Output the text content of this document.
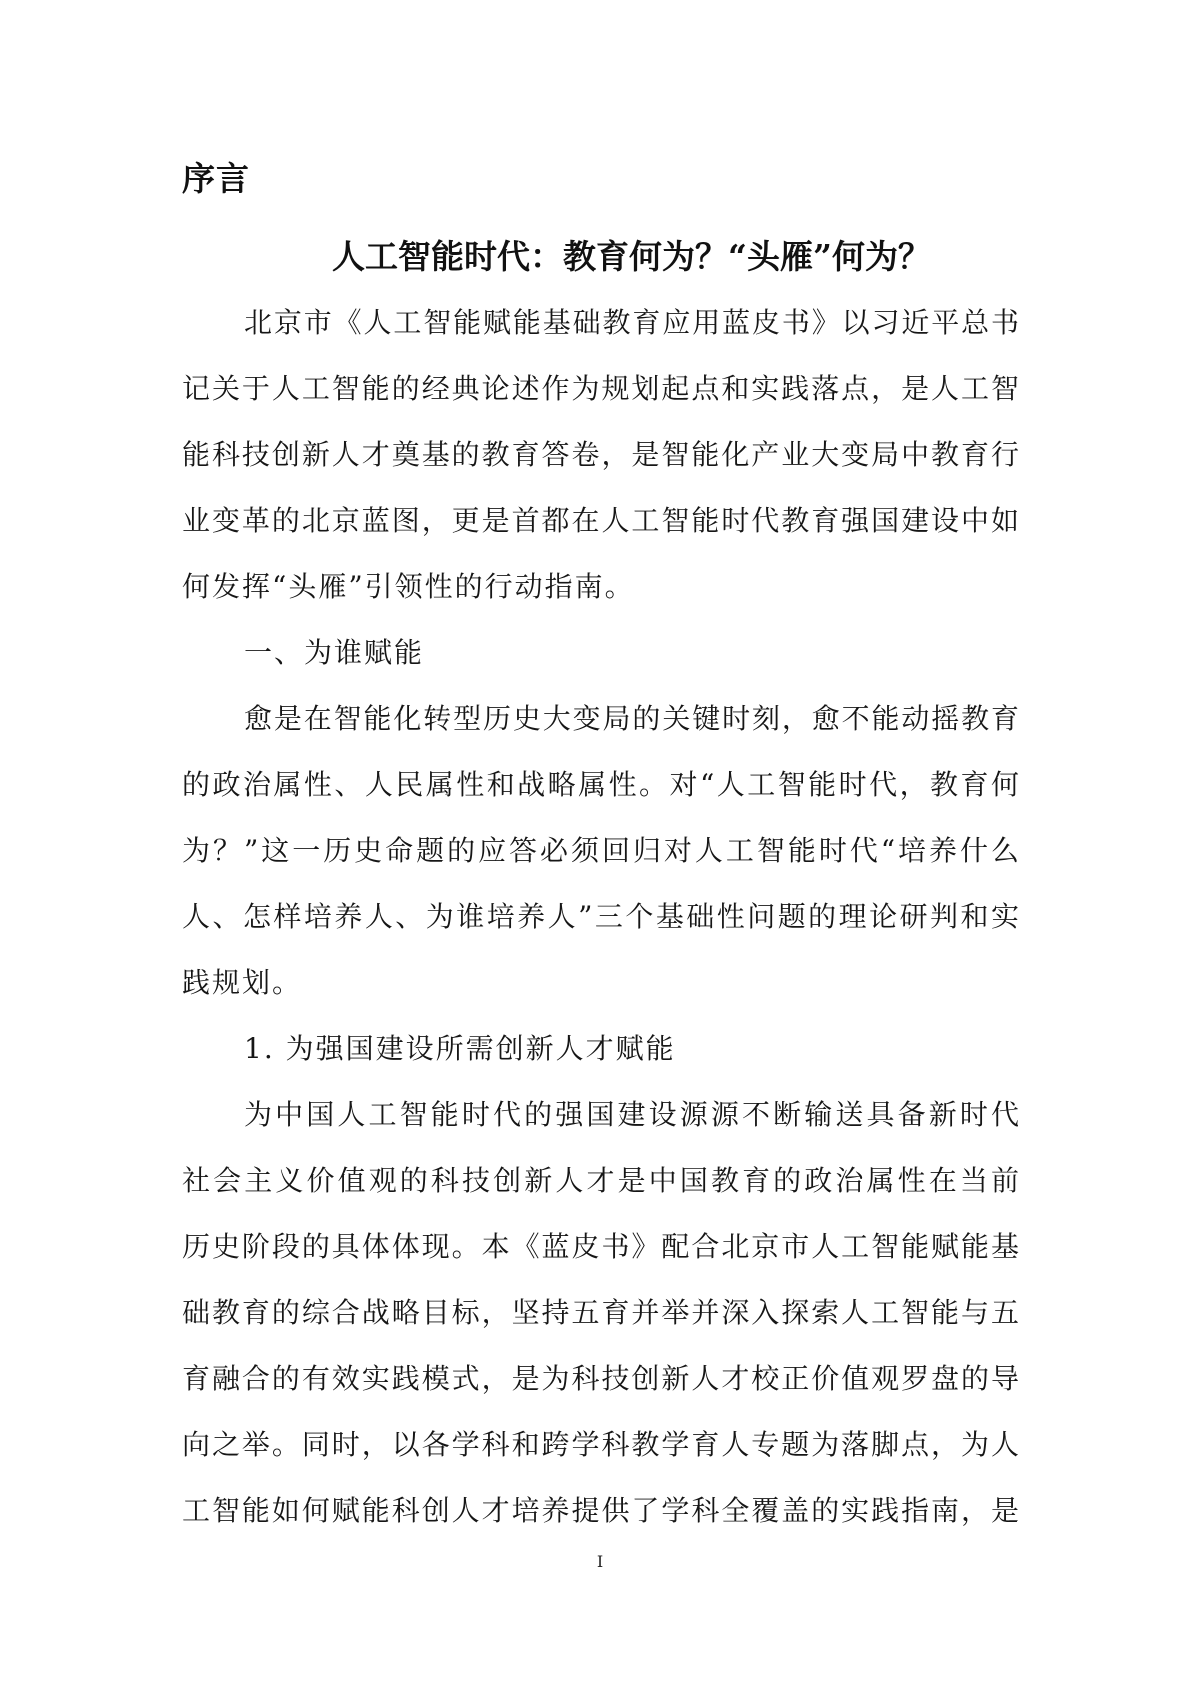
序言
人工智能时代：教育何为？“头雁”何为？
北京市《人工智能赋能基础教育应用蓝皮书》以习近平总书
记关于人工智能的经典论述作为规划起点和实践落点，是人工智
能科技创新人才奠基的教育答卷，是智能化产业大变局中教育行
业变革的北京蓝图，更是首都在人工智能时代教育强国建设中如
何发挥“头雁”引领性的行动指南。
一、为谁赋能
愈是在智能化转型历史大变局的关键时刻，愈不能动摇教育
的政治属性、人民属性和战略属性。对“人工智能时代，教育何
为？”这一历史命题的应答必须回归对人工智能时代“培养什么
人、怎样培养人、为谁培养人”三个基础性问题的理论研判和实
践规划。
1. 为强国建设所需创新人才赋能
为中国人工智能时代的强国建设源源不断输送具备新时代
社会主义价值观的科技创新人才是中国教育的政治属性在当前
历史阶段的具体体现。本《蓝皮书》配合北京市人工智能赋能基
础教育的综合战略目标，坚持五育并举并深入探索人工智能与五
育融合的有效实践模式，是为科技创新人才校正价值观罗盘的导
向之举。同时，以各学科和跨学科教学育人专题为落脚点，为人
工智能如何赋能科创人才培养提供了学科全覆盖的实践指南，是
I
